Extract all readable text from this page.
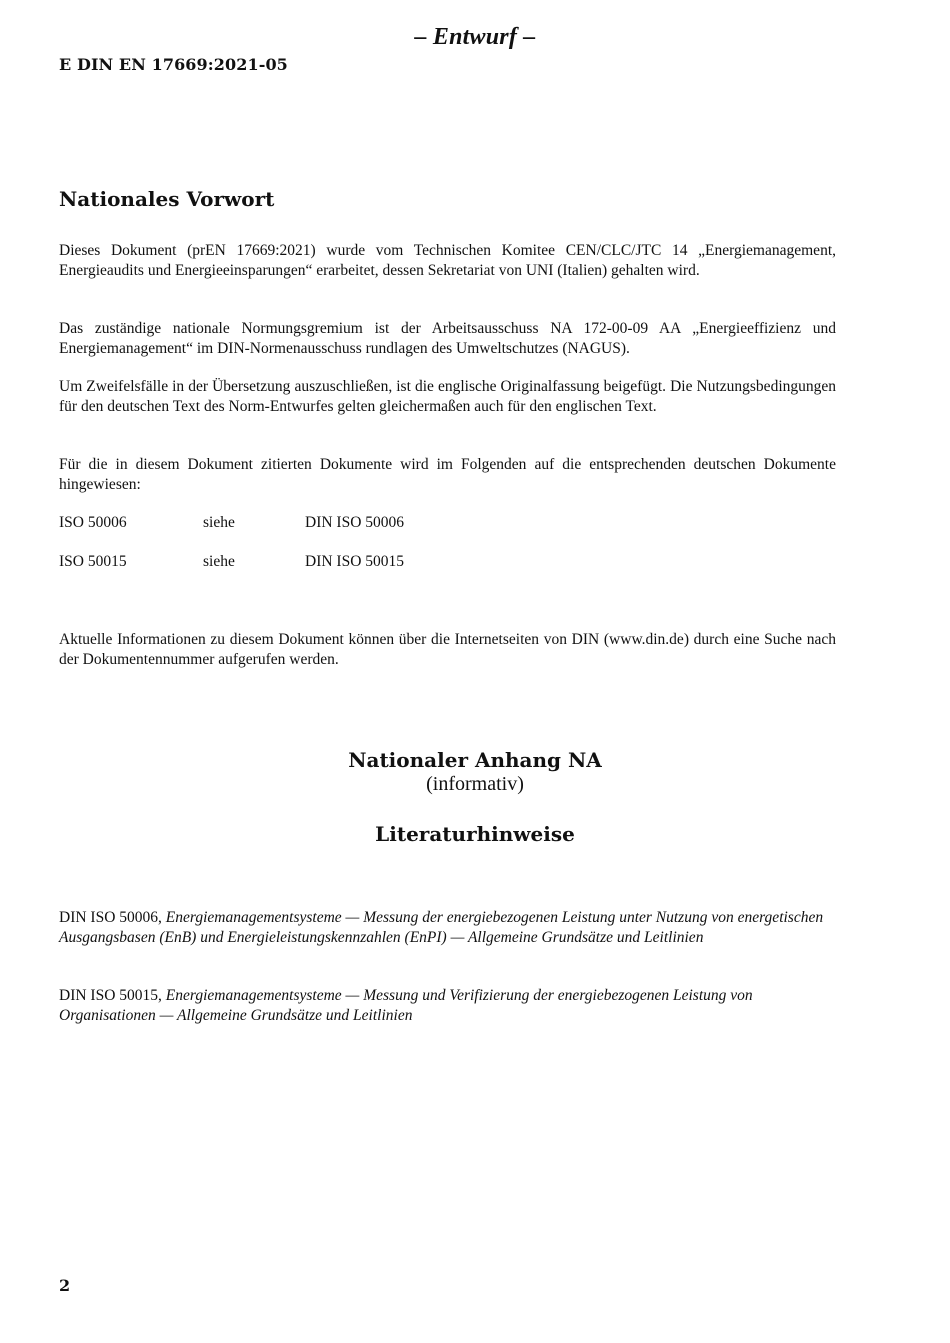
– Entwurf –
E DIN EN 17669:2021-05
Nationales Vorwort

Dieses Dokument (prEN 17669:2021) wurde vom Technischen Komitee CEN/CLC/JTC 14 „Energiemanagement, Energieaudits und Energieeinsparungen“ erarbeitet, dessen Sekretariat von UNI (Italien) gehalten wird.

Das zuständige nationale Normungsgremium ist der Arbeitsausschuss NA 172-00-09 AA „Energieeffizienz und Energiemanagement“ im DIN-Normenausschuss rundlagen des Umweltschutzes (NAGUS).

Um Zweifelsfälle in der Übersetzung auszuschließen, ist die englische Originalfassung beigefügt. Die Nutzungsbedingungen für den deutschen Text des Norm-Entwurfes gelten gleichermaßen auch für den englischen Text.

Für die in diesem Dokument zitierten Dokumente wird im Folgenden auf die entsprechenden deutschen Dokumente hingewiesen:

ISO 50006	siehe	DIN ISO 50006
ISO 50015	siehe	DIN ISO 50015

Aktuelle Informationen zu diesem Dokument können über die Internetseiten von DIN (www.din.de) durch eine Suche nach der Dokumentennummer aufgerufen werden.

Nationaler Anhang NA
(informativ)
Literaturhinweise

DIN ISO 50006, Energiemanagementsysteme — Messung der energiebezogenen Leistung unter Nutzung von energetischen Ausgangsbasen (EnB) und Energieleistungskennzahlen (EnPI) — Allgemeine Grundsätze und Leitlinien

DIN ISO 50015, Energiemanagementsysteme — Messung und Verifizierung der energiebezogenen Leistung von Organisationen — Allgemeine Grundsätze und Leitlinien

2
